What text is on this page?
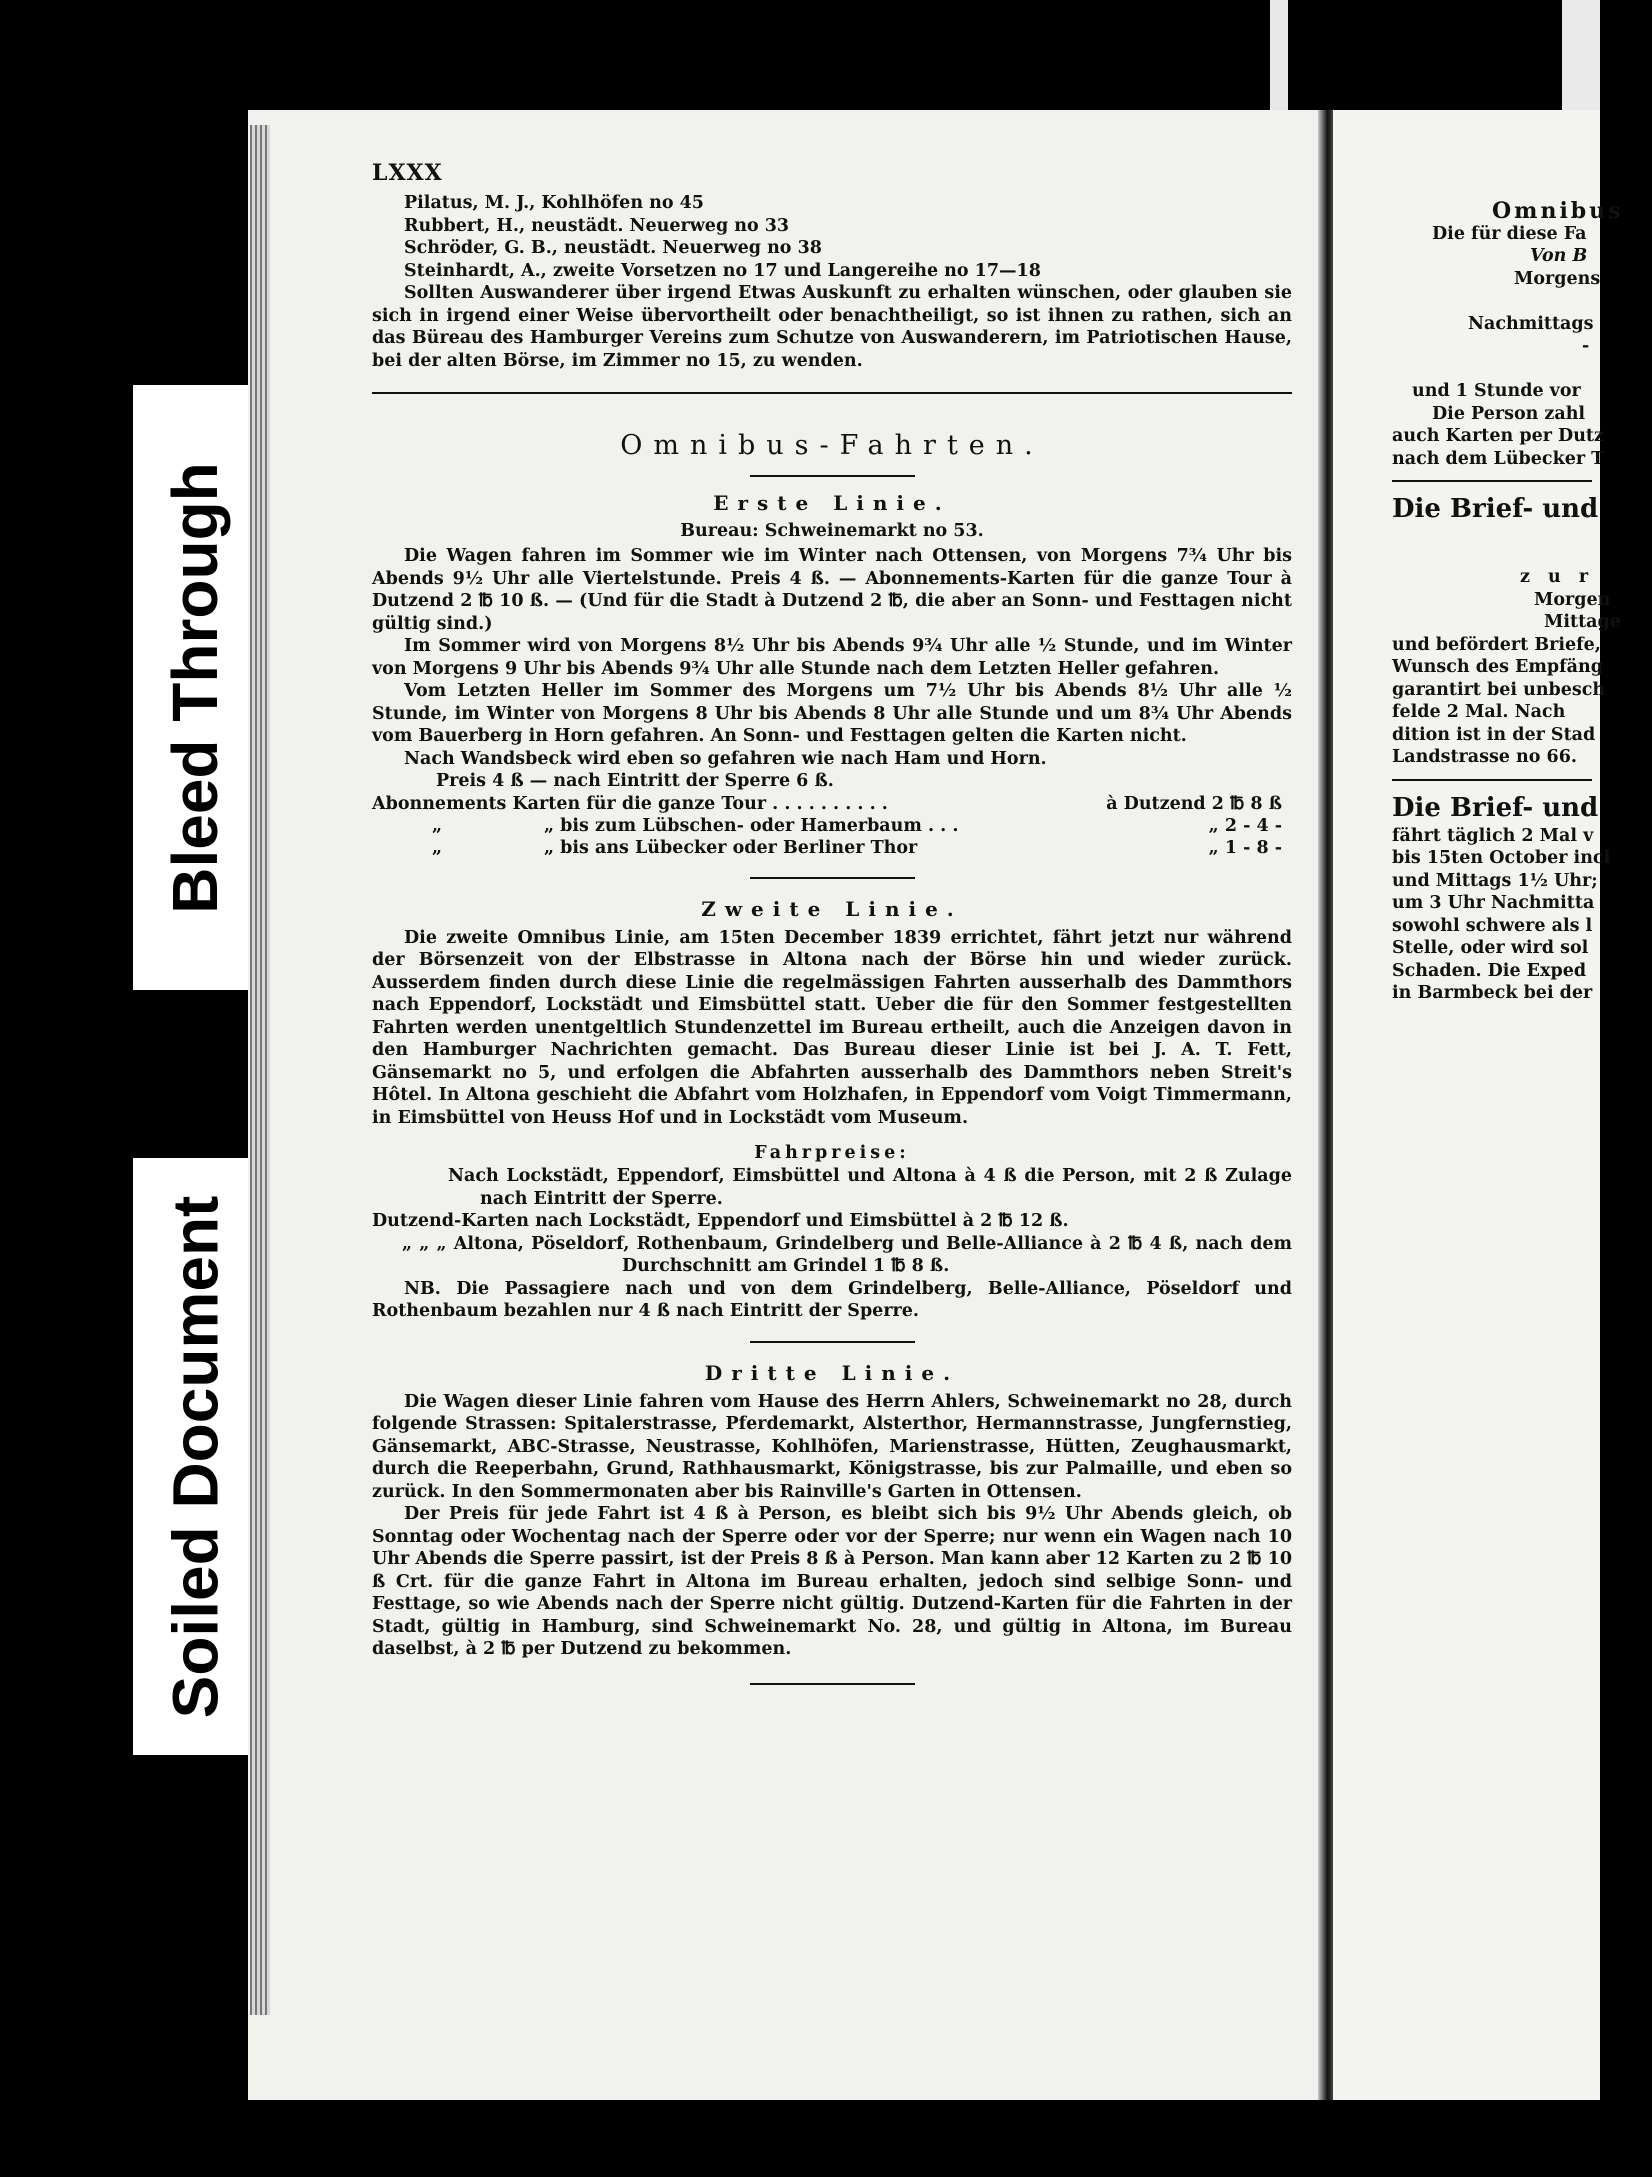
Bleed Through
Soiled Document
LXXX
Pilatus, M. J., Kohlhöfen no 45
Rubbert, H., neustädt. Neuerweg no 33
Schröder, G. B., neustädt. Neuerweg no 38
Steinhardt, A., zweite Vorsetzen no 17 und Langereihe no 17—18

Sollten Auswanderer über irgend Etwas Auskunft zu erhalten wünschen, oder glauben sie sich in irgend einer Weise übervortheilt oder benachtheiligt, so ist ihnen zu rathen, sich an das Büreau des Hamburger Vereins zum Schutze von Auswanderern, im Patriotischen Hause, bei der alten Börse, im Zimmer no 15, zu wenden.

Omnibus-Fahrten.
Erste Linie.
Bureau: Schweinemarkt no 53.

Die Wagen fahren im Sommer wie im Winter nach Ottensen, von Morgens 7¾ Uhr bis Abends 9½ Uhr alle Viertelstunde. Preis 4 ß. — Abonnements-Karten für die ganze Tour à Dutzend 2 ℔ 10 ß. — (Und für die Stadt à Dutzend 2 ℔, die aber an Sonn- und Festtagen nicht gültig sind.)

Im Sommer wird von Morgens 8½ Uhr bis Abends 9¾ Uhr alle ½ Stunde, und im Winter von Morgens 9 Uhr bis Abends 9¾ Uhr alle Stunde nach dem Letzten Heller gefahren.

Vom Letzten Heller im Sommer des Morgens um 7½ Uhr bis Abends 8½ Uhr alle ½ Stunde, im Winter von Morgens 8 Uhr bis Abends 8 Uhr alle Stunde und um 8¾ Uhr Abends vom Bauerberg in Horn gefahren. An Sonn- und Festtagen gelten die Karten nicht.

Nach Wandsbeck wird eben so gefahren wie nach Ham und Horn.

Preis 4 ß — nach Eintritt der Sperre 6 ß.

Abonnements Karten für die ganze Tour . . . . . . . . . .	à Dutzend 2 ℔ 8 ß
„	„ bis zum Lübschen- oder Hamerbaum . . .	„ 2 - 4 -
„	„ bis ans Lübecker oder Berliner Thor	„ 1 - 8 -
Zweite Linie.

Die zweite Omnibus Linie, am 15ten December 1839 errichtet, fährt jetzt nur während der Börsenzeit von der Elbstrasse in Altona nach der Börse hin und wieder zurück. Ausserdem finden durch diese Linie die regelmässigen Fahrten ausserhalb des Dammthors nach Eppendorf, Lockstädt und Eimsbüttel statt. Ueber die für den Sommer festgestellten Fahrten werden unentgeltlich Stundenzettel im Bureau ertheilt, auch die Anzeigen davon in den Hamburger Nachrichten gemacht. Das Bureau dieser Linie ist bei J. A. T. Fett, Gänsemarkt no 5, und erfolgen die Abfahrten ausserhalb des Dammthors neben Streit's Hôtel. In Altona geschieht die Abfahrt vom Holzhafen, in Eppendorf vom Voigt Timmermann, in Eimsbüttel von Heuss Hof und in Lockstädt vom Museum.

Fahrpreise:

Nach Lockstädt, Eppendorf, Eimsbüttel und Altona à 4 ß die Person, mit 2 ß Zulage nach Eintritt der Sperre.

Dutzend-Karten nach Lockstädt, Eppendorf und Eimsbüttel à 2 ℔ 12 ß.

„ „ „ Altona, Pöseldorf, Rothenbaum, Grindelberg und Belle-Alliance à 2 ℔ 4 ß, nach dem Durchschnitt am Grindel 1 ℔ 8 ß.

NB. Die Passagiere nach und von dem Grindelberg, Belle-Alliance, Pöseldorf und Rothenbaum bezahlen nur 4 ß nach Eintritt der Sperre.

Dritte Linie.

Die Wagen dieser Linie fahren vom Hause des Herrn Ahlers, Schweinemarkt no 28, durch folgende Strassen: Spitalerstrasse, Pferdemarkt, Alsterthor, Hermannstrasse, Jungfernstieg, Gänsemarkt, ABC-Strasse, Neustrasse, Kohlhöfen, Marienstrasse, Hütten, Zeughausmarkt, durch die Reeperbahn, Grund, Rathhausmarkt, Königstrasse, bis zur Palmaille, und eben so zurück. In den Sommermonaten aber bis Rainville's Garten in Ottensen.

Der Preis für jede Fahrt ist 4 ß à Person, es bleibt sich bis 9½ Uhr Abends gleich, ob Sonntag oder Wochentag nach der Sperre oder vor der Sperre; nur wenn ein Wagen nach 10 Uhr Abends die Sperre passirt, ist der Preis 8 ß à Person. Man kann aber 12 Karten zu 2 ℔ 10 ß Crt. für die ganze Fahrt in Altona im Bureau erhalten, jedoch sind selbige Sonn- und Festtage, so wie Abends nach der Sperre nicht gültig. Dutzend-Karten für die Fahrten in der Stadt, gültig in Hamburg, sind Schweinemarkt No. 28, und gültig in Altona, im Bureau daselbst, à 2 ℔ per Dutzend zu bekommen.

Omnibus
Die für diese Fa
Von B
Morgens

Nachmittags
-

und 1 Stunde vor
Die Person zahl
auch Karten per Dutz
nach dem Lübecker T
Die Brief- und
z u r
Morgen
Mittage
und befördert Briefe,
Wunsch des Empfäng
garantirt bei unbesch
felde 2 Mal. Nach
dition ist in der Stad
Landstrasse no 66.
Die Brief- und
fährt täglich 2 Mal v
bis 15ten October incl
und Mittags 1½ Uhr;
um 3 Uhr Nachmitta
sowohl schwere als l
Stelle, oder wird sol
Schaden. Die Exped
in Barmbeck bei der
